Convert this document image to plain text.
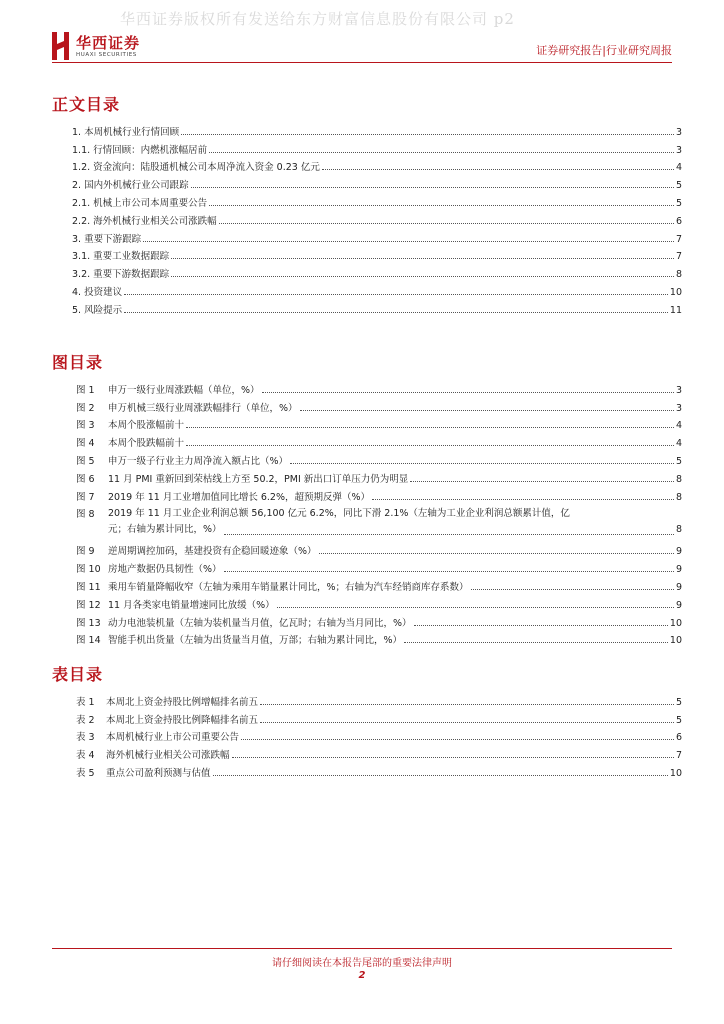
华西证券版权所有发送给东方财富信息股份有限公司 p2
华西证券
HUAXI SECURITIES	证券研究报告|行业研究周报
正文目录
1. 本周机械行业行情回顾	3
1.1. 行情回顾：内燃机涨幅居前	3
1.2. 资金流向：陆股通机械公司本周净流入资金 0.23 亿元	4
2. 国内外机械行业公司跟踪	5
2.1. 机械上市公司本周重要公告	5
2.2. 海外机械行业相关公司涨跌幅	6
3. 重要下游跟踪	7
3.1. 重要工业数据跟踪	7
3.2. 重要下游数据跟踪	8
4. 投资建议	10
5. 风险提示	11
图目录
图 1	申万一级行业周涨跌幅（单位，%）	3
图 2	申万机械三级行业周涨跌幅排行（单位，%）	3
图 3	本周个股涨幅前十	4
图 4	本周个股跌幅前十	4
图 5	申万一级子行业主力周净流入额占比（%）	5
图 6	11 月 PMI 重新回到荣枯线上方至 50.2，PMI 新出口订单压力仍为明显	8
图 7	2019 年 11 月工业增加值同比增长 6.2%，超预期反弹（%）	8
图 8	2019 年 11 月工业企业利润总额 56,100 亿元 6.2%，同比下滑 2.1%（左轴为工业企业利润总额累计值，亿
元；右轴为累计同比，%）	8
图 9	逆周期调控加码，基建投资有企稳回暖迹象（%）	9
图 10 房地产数据仍具韧性（%）	9
图 11 乘用车销量降幅收窄（左轴为乘用车销量累计同比，%；右轴为汽车经销商库存系数）	9
图 12 11 月各类家电销量增速同比放缓（%）	9
图 13 动力电池装机量（左轴为装机量当月值，亿瓦时；右轴为当月同比，%）	10
图 14 智能手机出货量（左轴为出货量当月值，万部；右轴为累计同比，%）	10
表目录
表 1	本周北上资金持股比例增幅排名前五	5
表 2	本周北上资金持股比例降幅排名前五	5
表 3	本周机械行业上市公司重要公告	6
表 4	海外机械行业相关公司涨跌幅	7
表 5	重点公司盈利预测与估值	10
请仔细阅读在本报告尾部的重要法律声明
2
